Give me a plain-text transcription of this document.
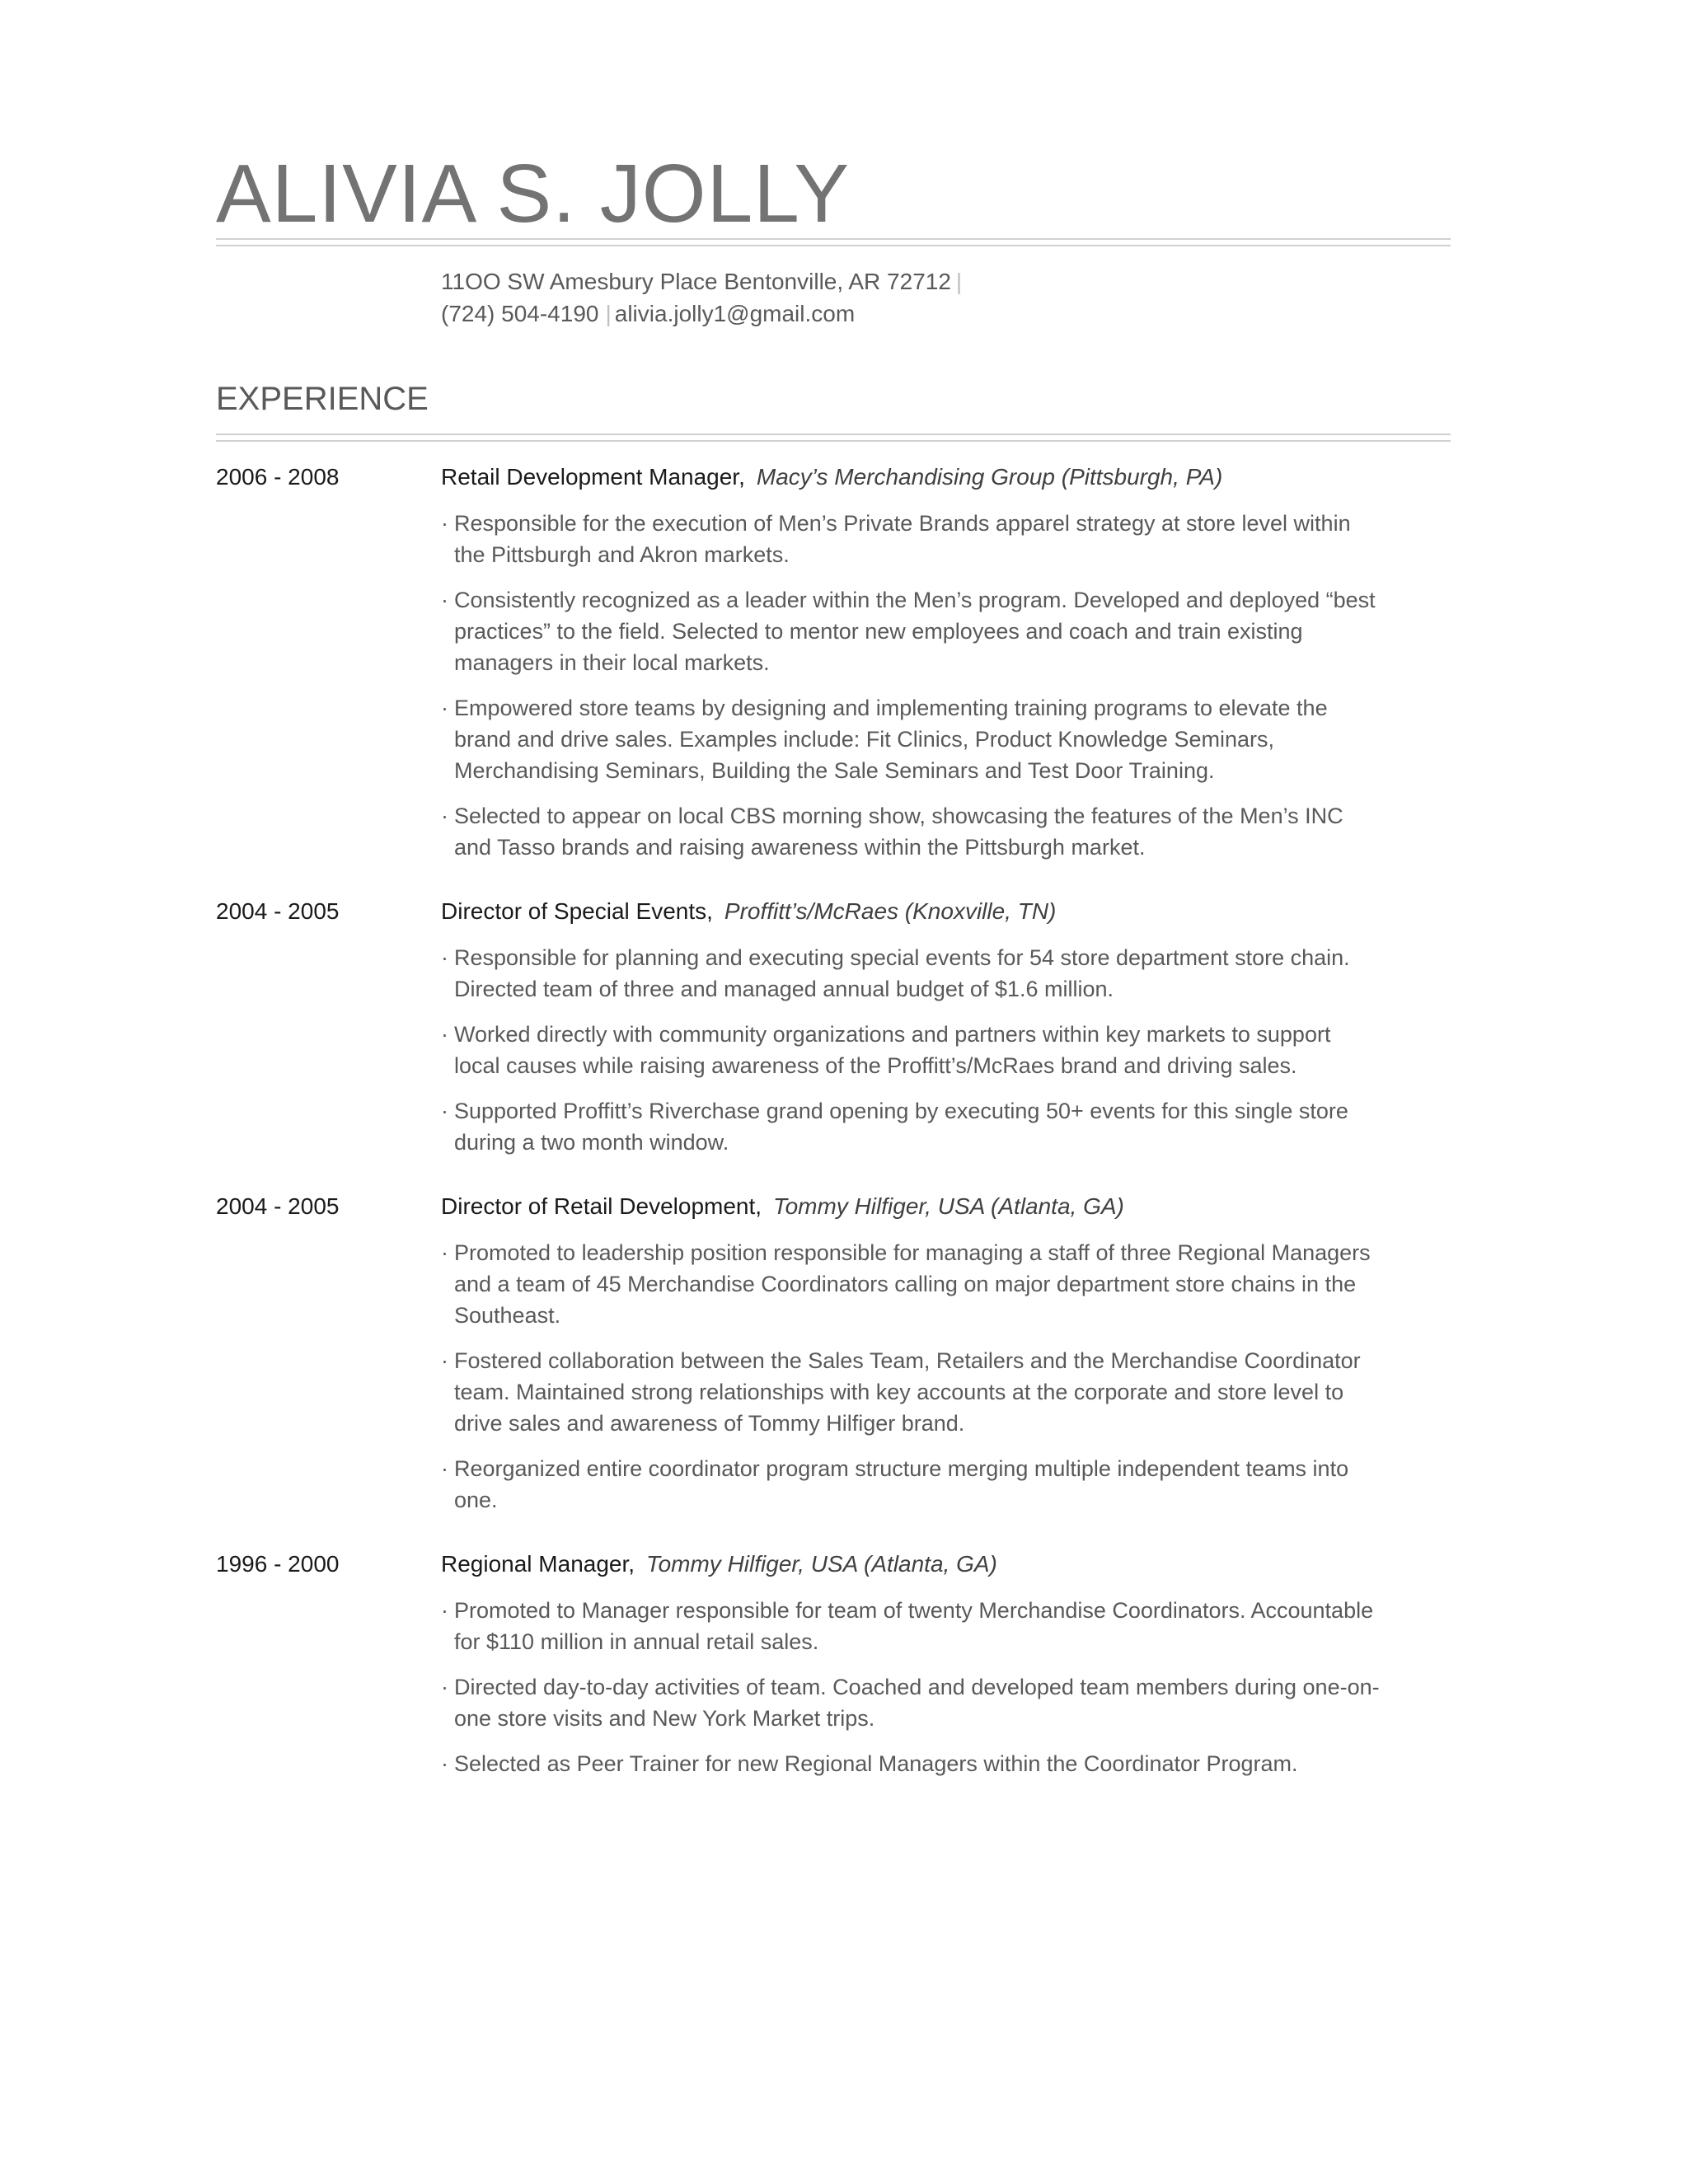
ALIVIA S. JOLLY
11OO SW Amesbury Place Bentonville, AR 72712 |
(724) 504-4190 | alivia.jolly1@gmail.com
EXPERIENCE
2006 - 2008	Retail Development Manager, Macy’s Merchandising Group (Pittsburgh, PA)
· Responsible for the execution of Men’s Private Brands apparel strategy at store level within the Pittsburgh and Akron markets.
· Consistently recognized as a leader within the Men’s program. Developed and deployed “best practices” to the field. Selected to mentor new employees and coach and train existing managers in their local markets.
· Empowered store teams by designing and implementing training programs to elevate the brand and drive sales. Examples include: Fit Clinics, Product Knowledge Seminars, Merchandising Seminars, Building the Sale Seminars and Test Door Training.
· Selected to appear on local CBS morning show, showcasing the features of the Men’s INC and Tasso brands and raising awareness within the Pittsburgh market.
2004 - 2005	Director of Special Events, Proffitt’s/McRaes (Knoxville, TN)
· Responsible for planning and executing special events for 54 store department store chain. Directed team of three and managed annual budget of $1.6 million.
· Worked directly with community organizations and partners within key markets to support local causes while raising awareness of the Proffitt’s/McRaes brand and driving sales.
· Supported Proffitt’s Riverchase grand opening by executing 50+ events for this single store during a two month window.
2004 - 2005	Director of Retail Development, Tommy Hilfiger, USA (Atlanta, GA)
· Promoted to leadership position responsible for managing a staff of three Regional Managers and a team of 45 Merchandise Coordinators calling on major department store chains in the Southeast.
· Fostered collaboration between the Sales Team, Retailers and the Merchandise Coordinator team. Maintained strong relationships with key accounts at the corporate and store level to drive sales and awareness of Tommy Hilfiger brand.
· Reorganized entire coordinator program structure merging multiple independent teams into one.
1996 - 2000	Regional Manager, Tommy Hilfiger, USA (Atlanta, GA)
· Promoted to Manager responsible for team of twenty Merchandise Coordinators. Accountable for $110 million in annual retail sales.
· Directed day-to-day activities of team. Coached and developed team members during one-on-one store visits and New York Market trips.
· Selected as Peer Trainer for new Regional Managers within the Coordinator Program.
